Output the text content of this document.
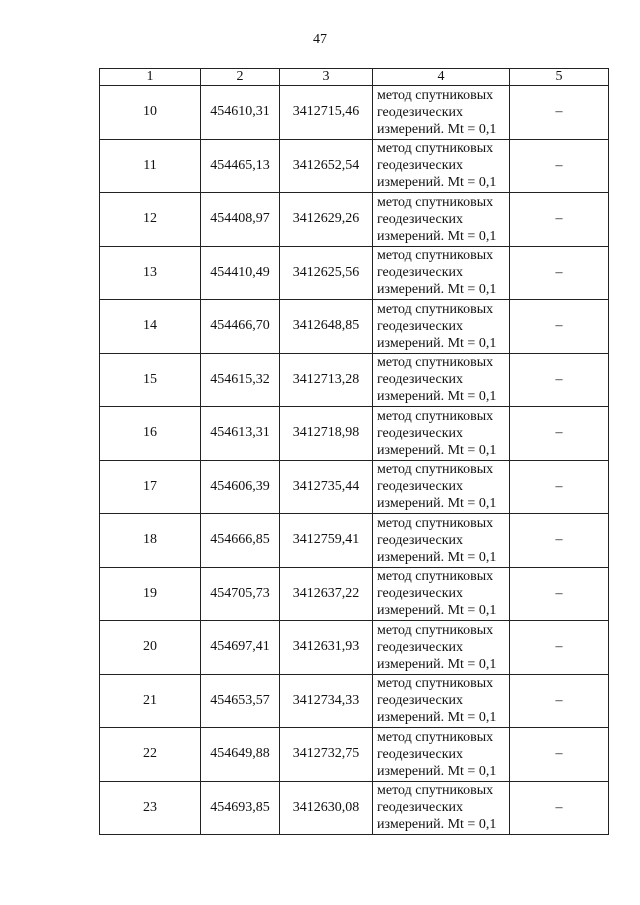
47
1	2	3	4	5
10	454610,31	3412715,46	метод спутниковых
геодезических
измерений. Mt = 0,1	–
11	454465,13	3412652,54	метод спутниковых
геодезических
измерений. Mt = 0,1	–
12	454408,97	3412629,26	метод спутниковых
геодезических
измерений. Mt = 0,1	–
13	454410,49	3412625,56	метод спутниковых
геодезических
измерений. Mt = 0,1	–
14	454466,70	3412648,85	метод спутниковых
геодезических
измерений. Mt = 0,1	–
15	454615,32	3412713,28	метод спутниковых
геодезических
измерений. Mt = 0,1	–
16	454613,31	3412718,98	метод спутниковых
геодезических
измерений. Mt = 0,1	–
17	454606,39	3412735,44	метод спутниковых
геодезических
измерений. Mt = 0,1	–
18	454666,85	3412759,41	метод спутниковых
геодезических
измерений. Mt = 0,1	–
19	454705,73	3412637,22	метод спутниковых
геодезических
измерений. Mt = 0,1	–
20	454697,41	3412631,93	метод спутниковых
геодезических
измерений. Mt = 0,1	–
21	454653,57	3412734,33	метод спутниковых
геодезических
измерений. Mt = 0,1	–
22	454649,88	3412732,75	метод спутниковых
геодезических
измерений. Mt = 0,1	–
23	454693,85	3412630,08	метод спутниковых
геодезических
измерений. Mt = 0,1	–
